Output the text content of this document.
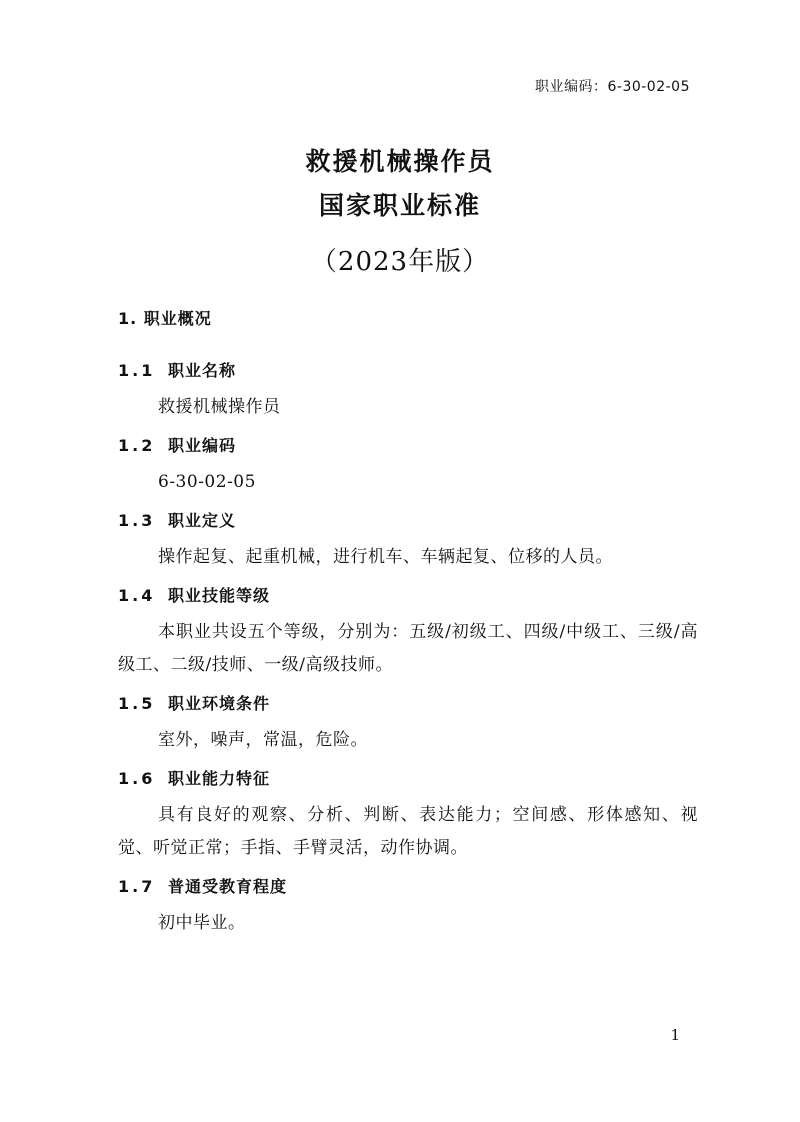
职业编码：6-30-02-05
救援机械操作员
国家职业标准
（2023年版）
1. 职业概况
1.1 职业名称
救援机械操作员
1.2 职业编码
6-30-02-05
1.3 职业定义
操作起复、起重机械，进行机车、车辆起复、位移的人员。
1.4 职业技能等级
本职业共设五个等级，分别为：五级/初级工、四级/中级工、三级/高级工、二级/技师、一级/高级技师。
1.5 职业环境条件
室外，噪声，常温，危险。
1.6 职业能力特征
具有良好的观察、分析、判断、表达能力；空间感、形体感知、视觉、听觉正常；手指、手臂灵活，动作协调。
1.7 普通受教育程度
初中毕业。
1
